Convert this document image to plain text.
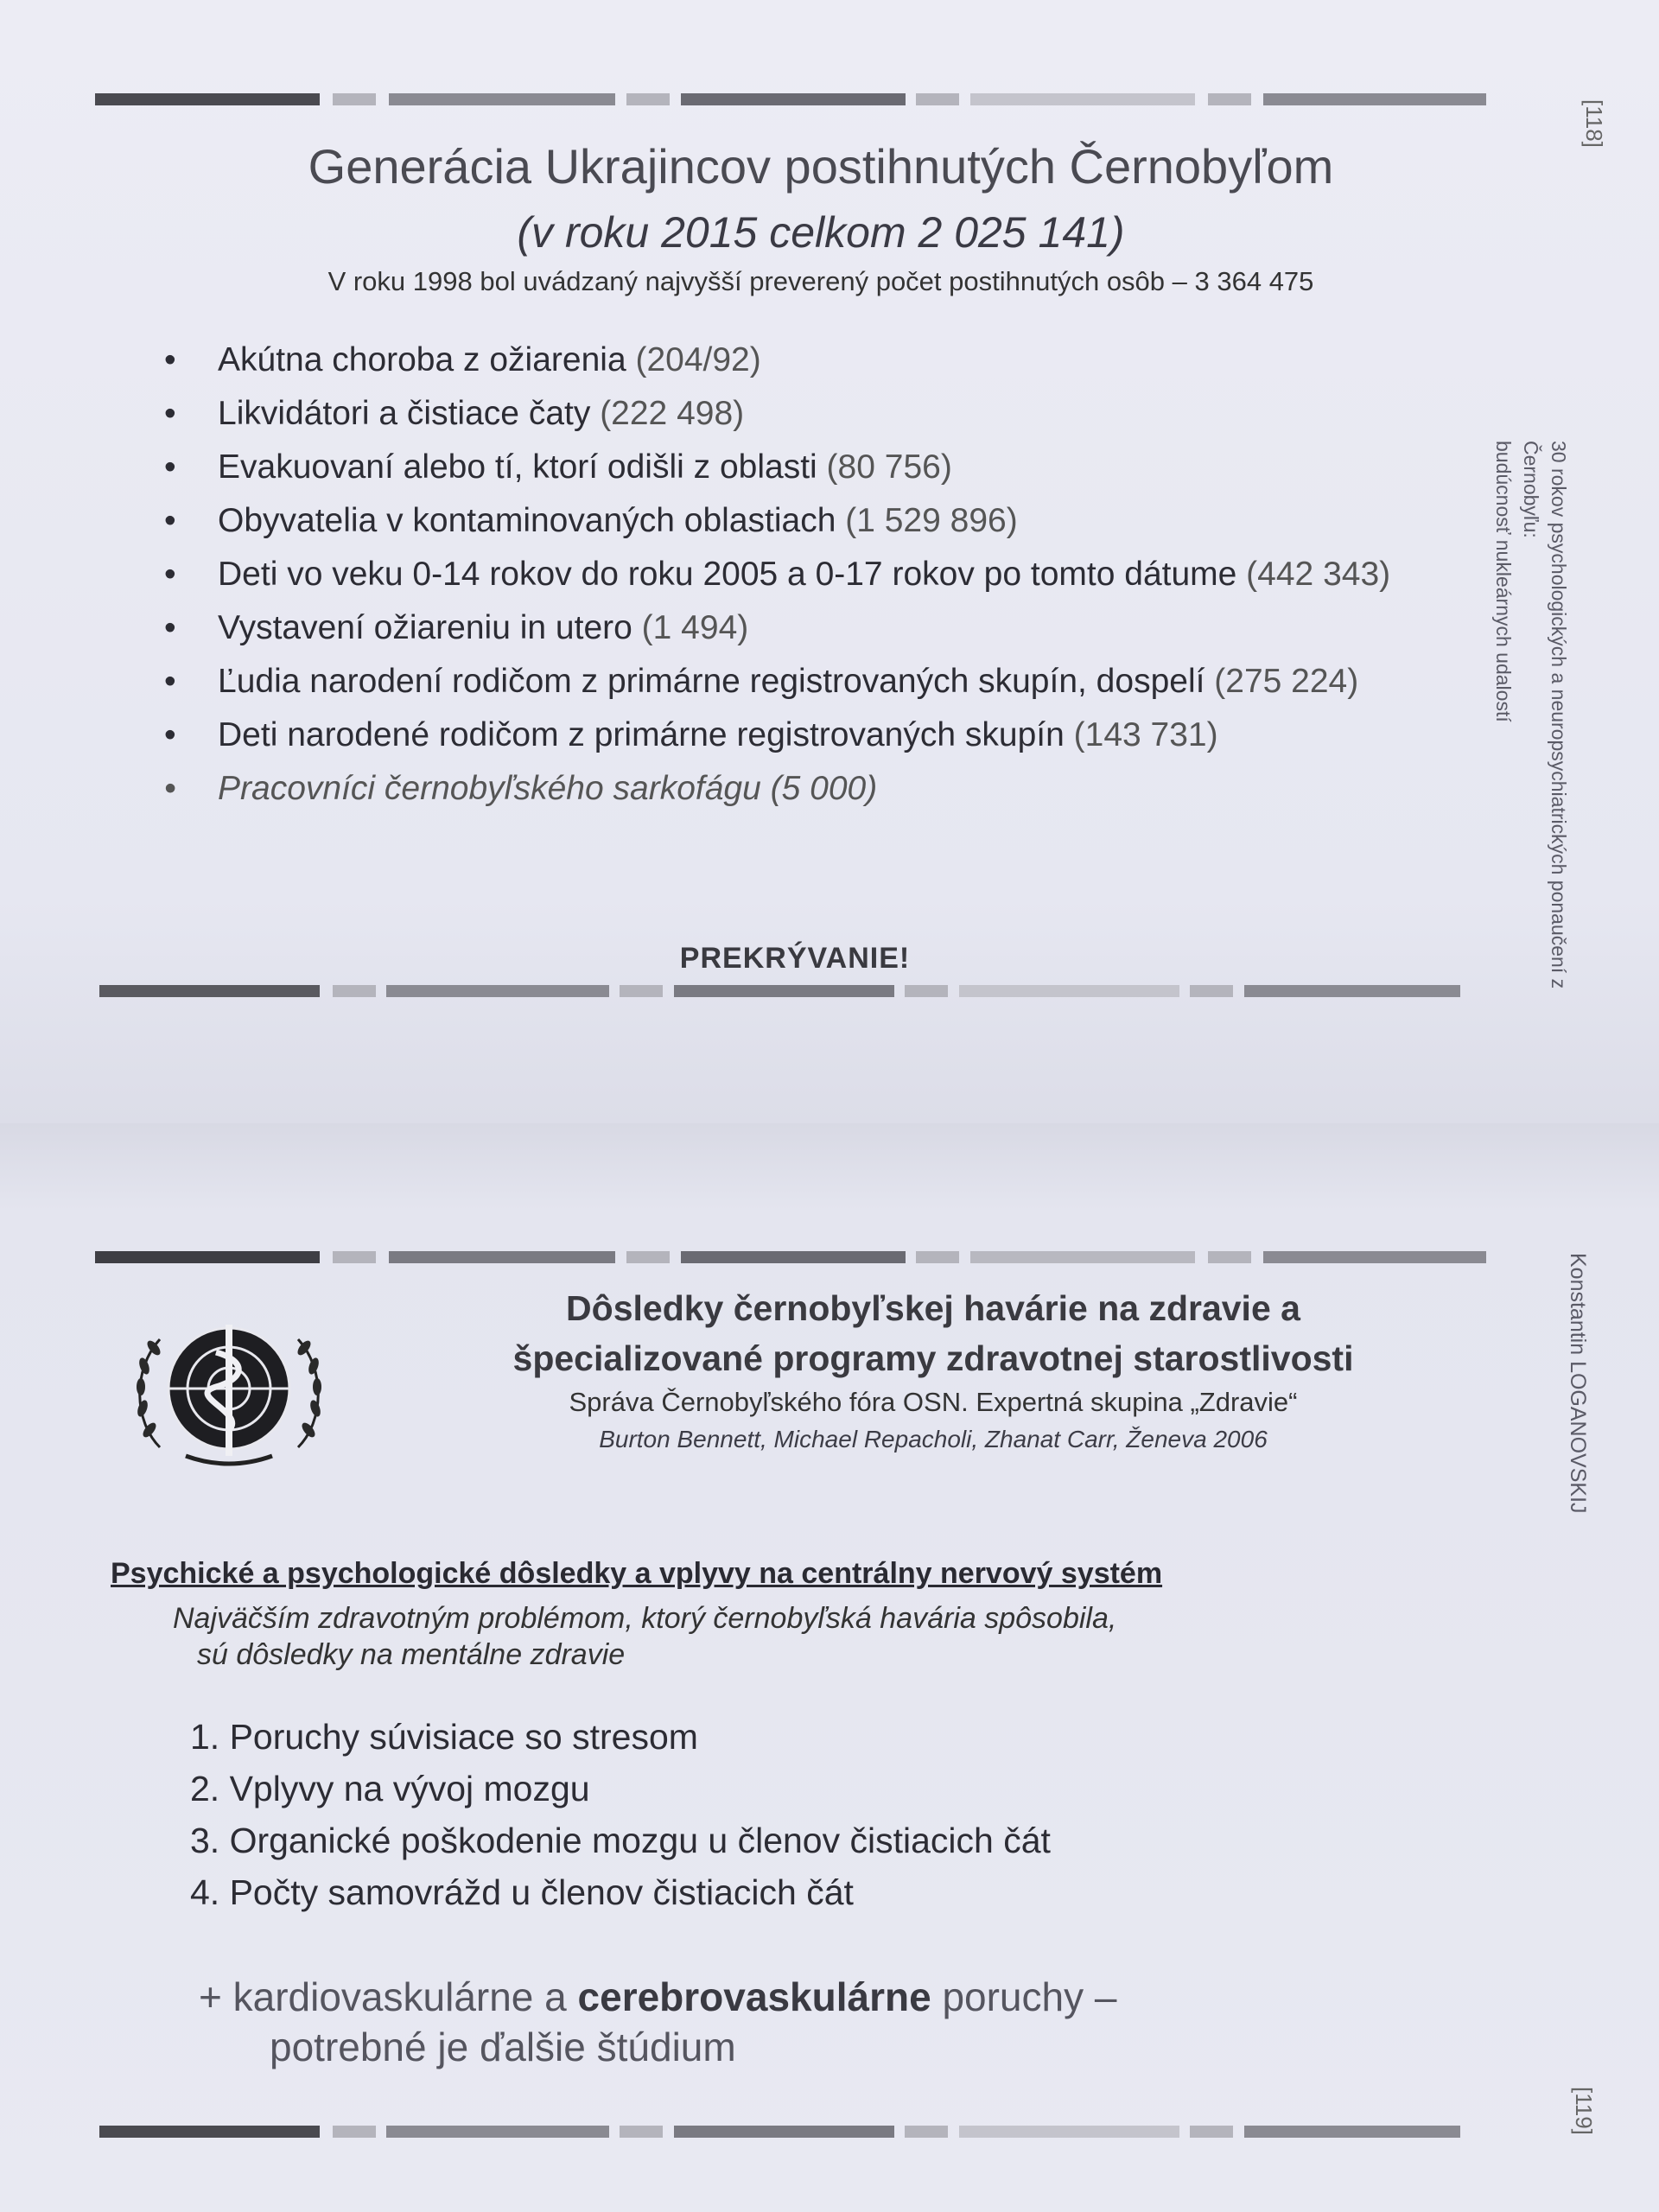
[118]
30 rokov psychologických a neuropsychiatrických ponaučení z Černobyľu:
budúcnosť nukleárnych udalostí
Generácia Ukrajincov postihnutých Černobyľom
(v roku 2015 celkom 2 025 141)
V roku 1998 bol uvádzaný najvyšší preverený počet postihnutých osôb – 3 364 475
• Akútna choroba z ožiarenia (204/92)
• Likvidátori a čistiace čaty (222 498)
• Evakuovaní alebo tí, ktorí odišli z oblasti (80 756)
• Obyvatelia v kontaminovaných oblastiach (1 529 896)
• Deti vo veku 0-14 rokov do roku 2005 a 0-17 rokov po tomto dátume (442 343)
• Vystavení ožiareniu in utero (1 494)
• Ľudia narodení rodičom z primárne registrovaných skupín, dospelí (275 224)
• Deti narodené rodičom z primárne registrovaných skupín (143 731)
• Pracovníci černobyľského sarkofágu (5 000)
PREKRÝVANIE!
Konstantin LOGANOVSKIJ
[119]
Dôsledky černobyľskej havárie na zdravie a
špecializované programy zdravotnej starostlivosti
Správa Černobyľského fóra OSN. Expertná skupina „Zdravie“
Burton Bennett, Michael Repacholi, Zhanat Carr, Ženeva 2006
Psychické a psychologické dôsledky a vplyvy na centrálny nervový systém
Najväčším zdravotným problémom, ktorý černobyľská havária spôsobila,
sú dôsledky na mentálne zdravie
1. Poruchy súvisiace so stresom
2. Vplyvy na vývoj mozgu
3. Organické poškodenie mozgu u členov čistiacich čát
4. Počty samovrážd u členov čistiacich čát
+ kardiovaskulárne a cerebrovaskulárne poruchy –
potrebné je ďalšie štúdium
